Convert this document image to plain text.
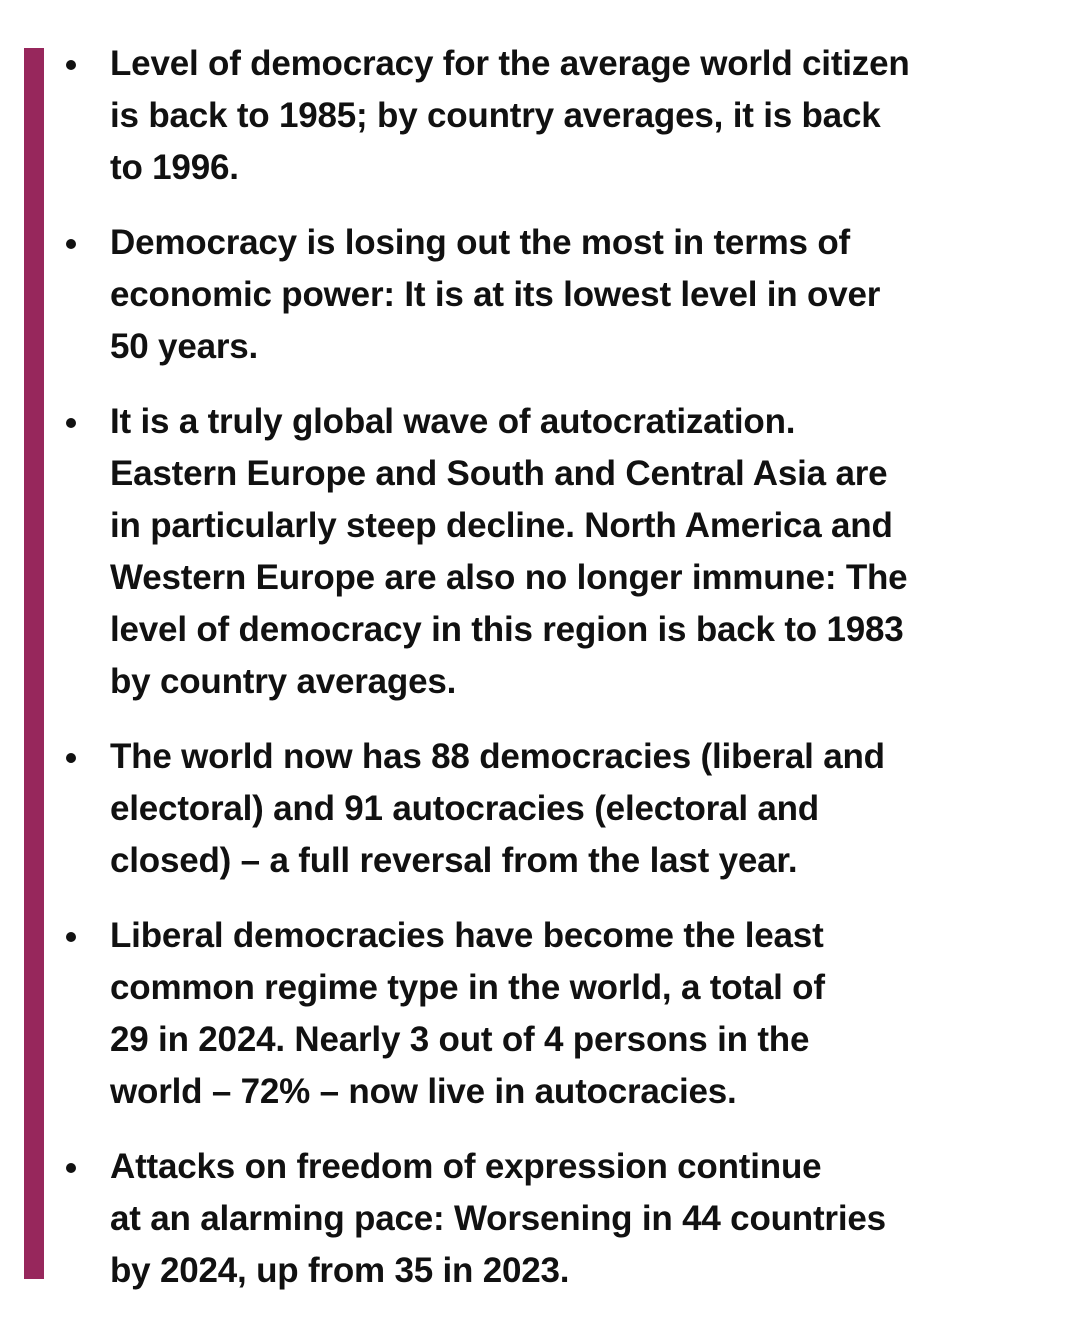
Level of democracy for the average world citizen
is back to 1985; by country averages, it is back
to 1996.
Democracy is losing out the most in terms of
economic power: It is at its lowest level in over
50 years.
It is a truly global wave of autocratization.
Eastern Europe and South and Central Asia are
in particularly steep decline. North America and
Western Europe are also no longer immune: The
level of democracy in this region is back to 1983
by country averages.
The world now has 88 democracies (liberal and
electoral) and 91 autocracies (electoral and
closed) – a full reversal from the last year.
Liberal democracies have become the least
common regime type in the world, a total of
29 in 2024. Nearly 3 out of 4 persons in the
world – 72% – now live in autocracies.
Attacks on freedom of expression continue
at an alarming pace: Worsening in 44 countries
by 2024, up from 35 in 2023.
